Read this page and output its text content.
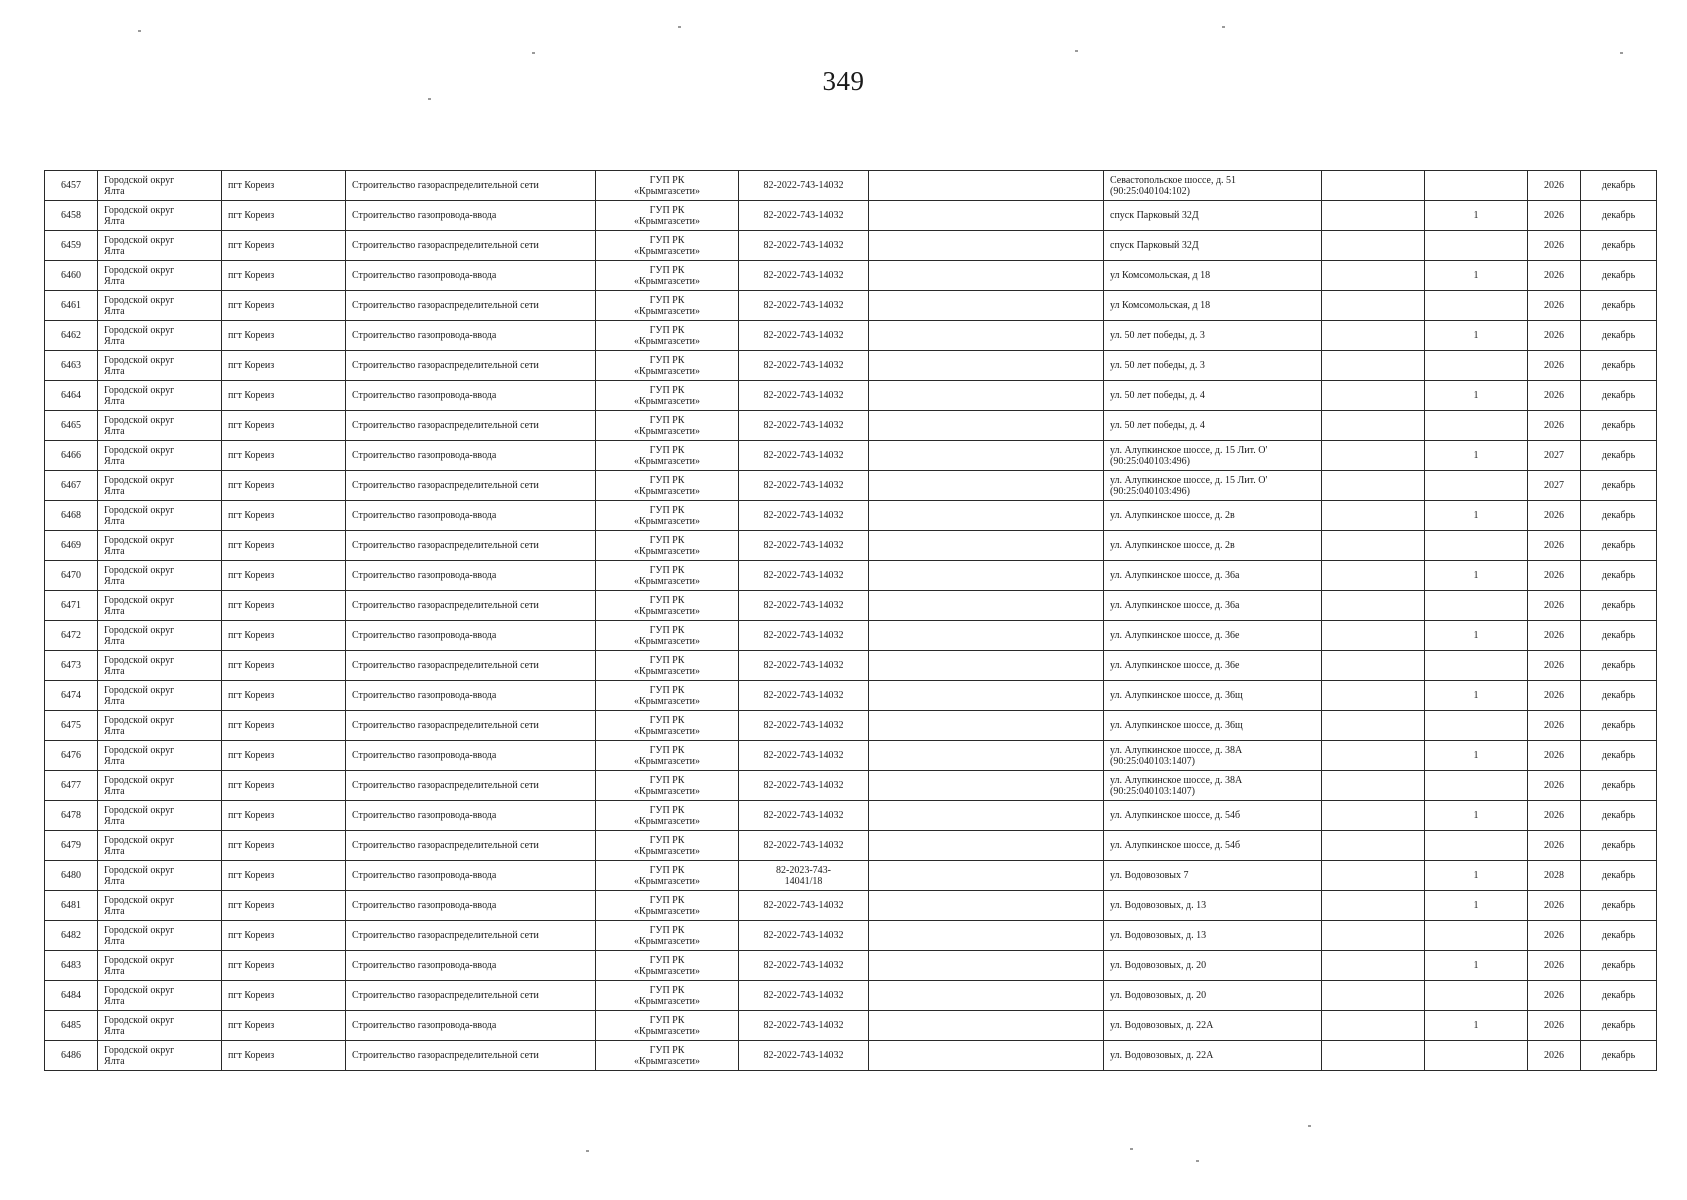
349
6457	Городской округ
Ялта	пгт Кореиз	Строительство газораспределительной сети	ГУП РК
«Крымгазсети»	82-2022-743-14032		Севастопольское шоссе, д. 51
(90:25:040104:102)			2026	декабрь
6458	Городской округ
Ялта	пгт Кореиз	Строительство газопровода-ввода	ГУП РК
«Крымгазсети»	82-2022-743-14032		спуск Парковый 32Д		1	2026	декабрь
6459	Городской округ
Ялта	пгт Кореиз	Строительство газораспределительной сети	ГУП РК
«Крымгазсети»	82-2022-743-14032		спуск Парковый 32Д			2026	декабрь
6460	Городской округ
Ялта	пгт Кореиз	Строительство газопровода-ввода	ГУП РК
«Крымгазсети»	82-2022-743-14032		ул Комсомольская, д 18		1	2026	декабрь
6461	Городской округ
Ялта	пгт Кореиз	Строительство газораспределительной сети	ГУП РК
«Крымгазсети»	82-2022-743-14032		ул Комсомольская, д 18			2026	декабрь
6462	Городской округ
Ялта	пгт Кореиз	Строительство газопровода-ввода	ГУП РК
«Крымгазсети»	82-2022-743-14032		ул. 50 лет победы, д. 3		1	2026	декабрь
6463	Городской округ
Ялта	пгт Кореиз	Строительство газораспределительной сети	ГУП РК
«Крымгазсети»	82-2022-743-14032		ул. 50 лет победы, д. 3			2026	декабрь
6464	Городской округ
Ялта	пгт Кореиз	Строительство газопровода-ввода	ГУП РК
«Крымгазсети»	82-2022-743-14032		ул. 50 лет победы, д. 4		1	2026	декабрь
6465	Городской округ
Ялта	пгт Кореиз	Строительство газораспределительной сети	ГУП РК
«Крымгазсети»	82-2022-743-14032		ул. 50 лет победы, д. 4			2026	декабрь
6466	Городской округ
Ялта	пгт Кореиз	Строительство газопровода-ввода	ГУП РК
«Крымгазсети»	82-2022-743-14032		ул. Алупкинское шоссе, д. 15 Лит. О'
(90:25:040103:496)		1	2027	декабрь
6467	Городской округ
Ялта	пгт Кореиз	Строительство газораспределительной сети	ГУП РК
«Крымгазсети»	82-2022-743-14032		ул. Алупкинское шоссе, д. 15 Лит. О'
(90:25:040103:496)			2027	декабрь
6468	Городской округ
Ялта	пгт Кореиз	Строительство газопровода-ввода	ГУП РК
«Крымгазсети»	82-2022-743-14032		ул. Алупкинское шоссе, д. 2в		1	2026	декабрь
6469	Городской округ
Ялта	пгт Кореиз	Строительство газораспределительной сети	ГУП РК
«Крымгазсети»	82-2022-743-14032		ул. Алупкинское шоссе, д. 2в			2026	декабрь
6470	Городской округ
Ялта	пгт Кореиз	Строительство газопровода-ввода	ГУП РК
«Крымгазсети»	82-2022-743-14032		ул. Алупкинское шоссе, д. 36а		1	2026	декабрь
6471	Городской округ
Ялта	пгт Кореиз	Строительство газораспределительной сети	ГУП РК
«Крымгазсети»	82-2022-743-14032		ул. Алупкинское шоссе, д. 36а			2026	декабрь
6472	Городской округ
Ялта	пгт Кореиз	Строительство газопровода-ввода	ГУП РК
«Крымгазсети»	82-2022-743-14032		ул. Алупкинское шоссе, д. 36е		1	2026	декабрь
6473	Городской округ
Ялта	пгт Кореиз	Строительство газораспределительной сети	ГУП РК
«Крымгазсети»	82-2022-743-14032		ул. Алупкинское шоссе, д. 36е			2026	декабрь
6474	Городской округ
Ялта	пгт Кореиз	Строительство газопровода-ввода	ГУП РК
«Крымгазсети»	82-2022-743-14032		ул. Алупкинское шоссе, д. 36щ		1	2026	декабрь
6475	Городской округ
Ялта	пгт Кореиз	Строительство газораспределительной сети	ГУП РК
«Крымгазсети»	82-2022-743-14032		ул. Алупкинское шоссе, д. 36щ			2026	декабрь
6476	Городской округ
Ялта	пгт Кореиз	Строительство газопровода-ввода	ГУП РК
«Крымгазсети»	82-2022-743-14032		ул. Алупкинское шоссе, д. 38А
(90:25:040103:1407)		1	2026	декабрь
6477	Городской округ
Ялта	пгт Кореиз	Строительство газораспределительной сети	ГУП РК
«Крымгазсети»	82-2022-743-14032		ул. Алупкинское шоссе, д. 38А
(90:25:040103:1407)			2026	декабрь
6478	Городской округ
Ялта	пгт Кореиз	Строительство газопровода-ввода	ГУП РК
«Крымгазсети»	82-2022-743-14032		ул. Алупкинское шоссе, д. 54б		1	2026	декабрь
6479	Городской округ
Ялта	пгт Кореиз	Строительство газораспределительной сети	ГУП РК
«Крымгазсети»	82-2022-743-14032		ул. Алупкинское шоссе, д. 54б			2026	декабрь
6480	Городской округ
Ялта	пгт Кореиз	Строительство газопровода-ввода	ГУП РК
«Крымгазсети»	82-2023-743-
14041/18		ул. Водовозовых 7		1	2028	декабрь
6481	Городской округ
Ялта	пгт Кореиз	Строительство газопровода-ввода	ГУП РК
«Крымгазсети»	82-2022-743-14032		ул. Водовозовых, д. 13		1	2026	декабрь
6482	Городской округ
Ялта	пгт Кореиз	Строительство газораспределительной сети	ГУП РК
«Крымгазсети»	82-2022-743-14032		ул. Водовозовых, д. 13			2026	декабрь
6483	Городской округ
Ялта	пгт Кореиз	Строительство газопровода-ввода	ГУП РК
«Крымгазсети»	82-2022-743-14032		ул. Водовозовых, д. 20		1	2026	декабрь
6484	Городской округ
Ялта	пгт Кореиз	Строительство газораспределительной сети	ГУП РК
«Крымгазсети»	82-2022-743-14032		ул. Водовозовых, д. 20			2026	декабрь
6485	Городской округ
Ялта	пгт Кореиз	Строительство газопровода-ввода	ГУП РК
«Крымгазсети»	82-2022-743-14032		ул. Водовозовых, д. 22А		1	2026	декабрь
6486	Городской округ
Ялта	пгт Кореиз	Строительство газораспределительной сети	ГУП РК
«Крымгазсети»	82-2022-743-14032		ул. Водовозовых, д. 22А			2026	декабрь
